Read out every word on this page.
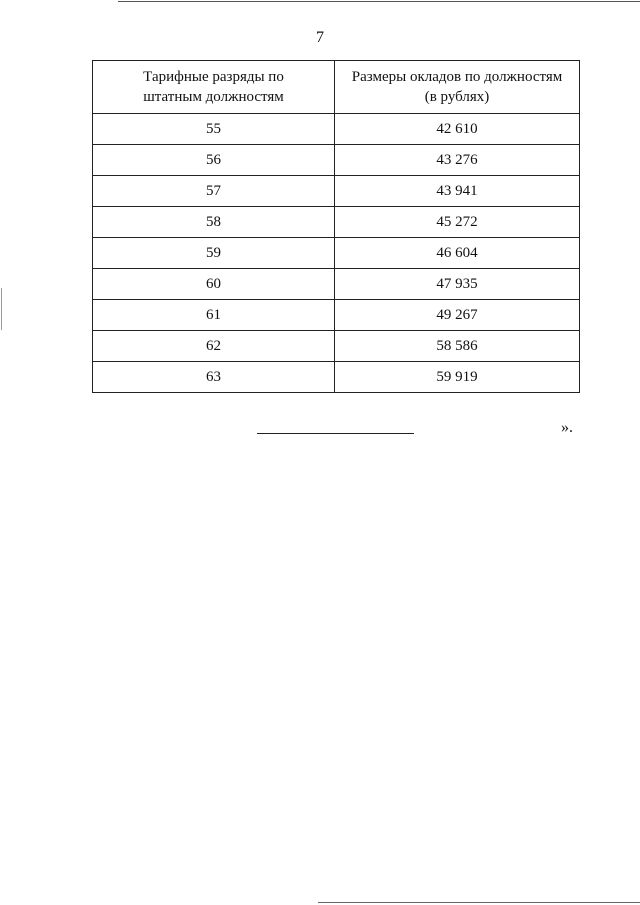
7
Тарифные разряды по штатным должностям	Размеры окладов по должностям (в рублях)

55	42 610
56	43 276
57	43 941
58	45 272
59	46 604
60	47 935
61	49 267
62	58 586
63	59 919
».
